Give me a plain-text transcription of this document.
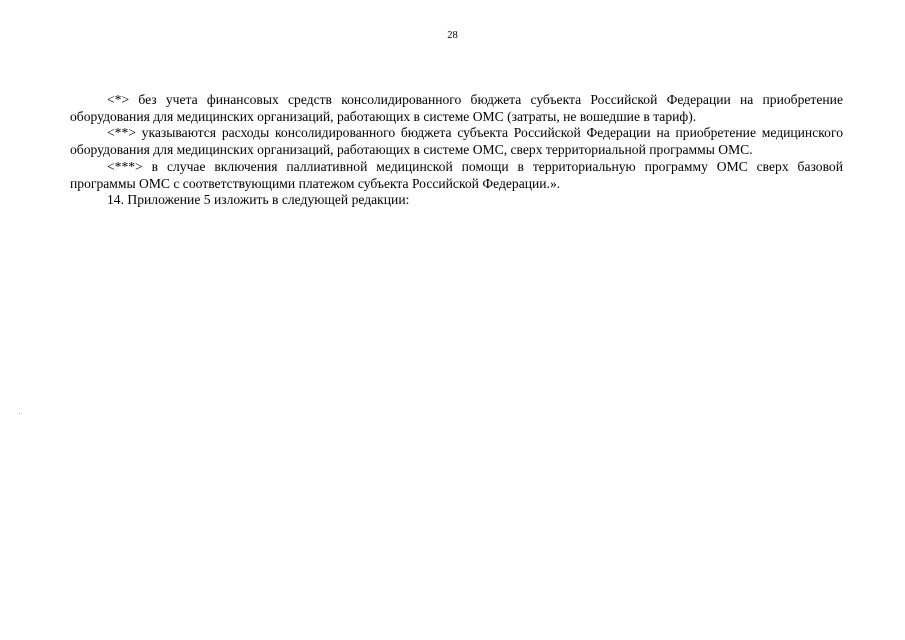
28

<*> без учета финансовых средств консолидированного бюджета субъекта Российской Федерации на приобретение оборудования для медицинских организаций, работающих в системе ОМС (затраты, не вошедшие в тариф).

<**> указываются расходы консолидированного бюджета субъекта Российской Федерации на приобретение медицинского оборудования для медицинских организаций, работающих в системе ОМС, сверх территориальной программы ОМС.

<***> в случае включения паллиативной медицинской помощи в территориальную программу ОМС сверх базовой программы ОМС с соответствующими платежом субъекта Российской Федерации.».

14. Приложение 5 изложить в следующей редакции:
